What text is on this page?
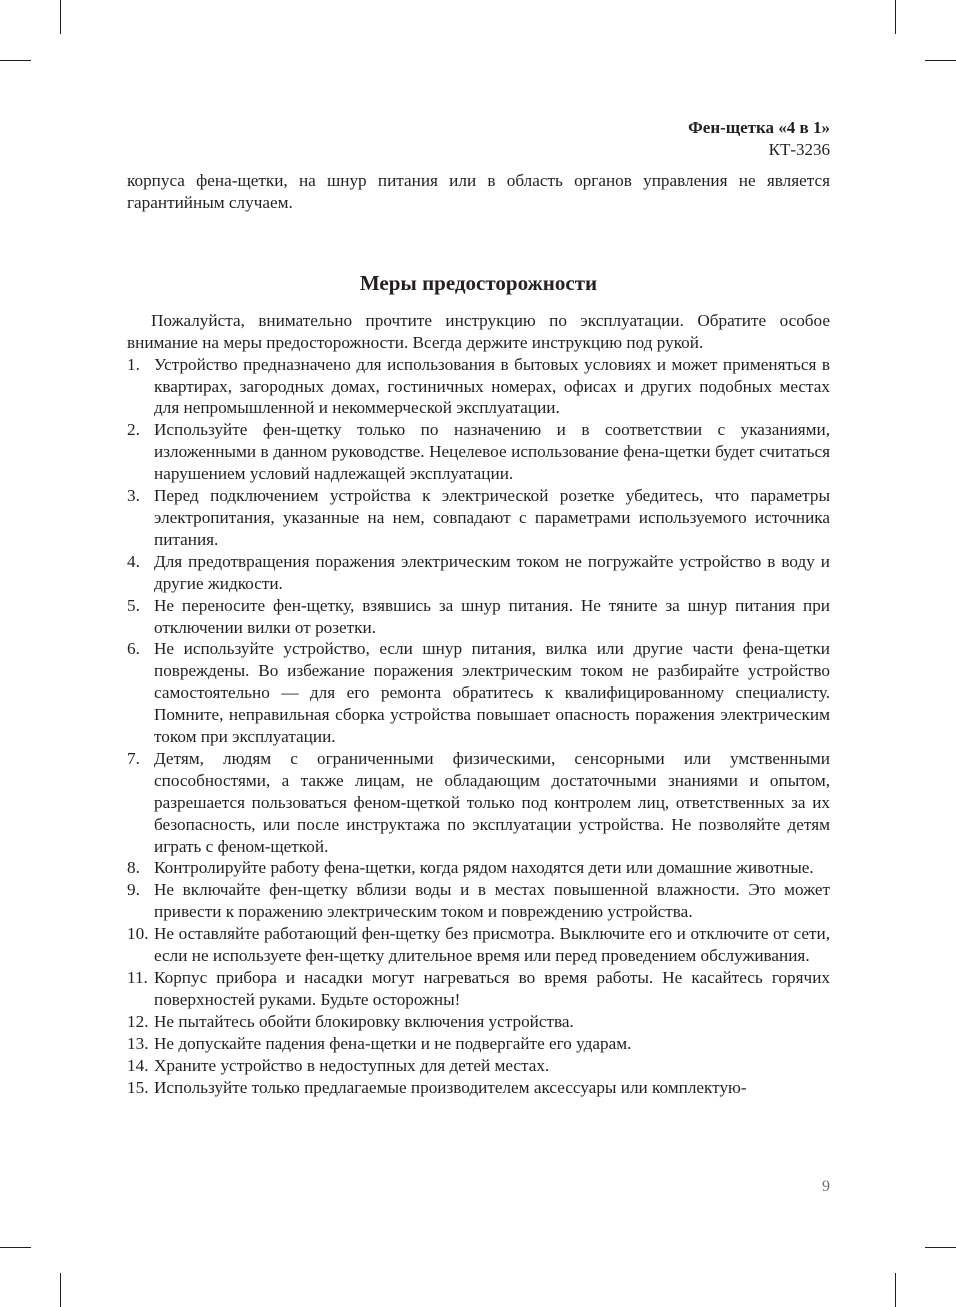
Фен-щетка «4 в 1»
КТ-3236

корпуса фена-щетки, на шнур питания или в область органов управления не является гарантийным случаем.

Меры предосторожности

Пожалуйста, внимательно прочтите инструкцию по эксплуатации. Обратите особое внимание на меры предосторожности. Всегда держите инструкцию под рукой.

1. Устройство предназначено для использования в бытовых условиях и может применяться в квартирах, загородных домах, гостиничных номерах, офисах и других подобных местах для непромышленной и некоммерческой эксплуатации.
2. Используйте фен-щетку только по назначению и в соответствии с указаниями, изложенными в данном руководстве. Нецелевое использование фена-щетки будет считаться нарушением условий надлежащей эксплуатации.
3. Перед подключением устройства к электрической розетке убедитесь, что параметры электропитания, указанные на нем, совпадают с параметрами используемого источника питания.
4. Для предотвращения поражения электрическим током не погружайте устройство в воду и другие жидкости.
5. Не переносите фен-щетку, взявшись за шнур питания. Не тяните за шнур питания при отключении вилки от розетки.
6. Не используйте устройство, если шнур питания, вилка или другие части фена-щетки повреждены. Во избежание поражения электрическим током не разбирайте устройство самостоятельно — для его ремонта обратитесь к квалифицированному специалисту. Помните, неправильная сборка устройства повышает опасность поражения электрическим током при эксплуатации.
7. Детям, людям с ограниченными физическими, сенсорными или умственными способностями, а также лицам, не обладающим достаточными знаниями и опытом, разрешается пользоваться феном-щеткой только под контролем лиц, ответственных за их безопасность, или после инструктажа по эксплуатации устройства. Не позволяйте детям играть с феном-щеткой.
8. Контролируйте работу фена-щетки, когда рядом находятся дети или домашние животные.
9. Не включайте фен-щетку вблизи воды и в местах повышенной влажности. Это может привести к поражению электрическим током и повреждению устройства.
10. Не оставляйте работающий фен-щетку без присмотра. Выключите его и отключите от сети, если не используете фен-щетку длительное время или перед проведением обслуживания.
11. Корпус прибора и насадки могут нагреваться во время работы. Не касайтесь горячих поверхностей руками. Будьте осторожны!
12. Не пытайтесь обойти блокировку включения устройства.
13. Не допускайте падения фена-щетки и не подвергайте его ударам.
14. Храните устройство в недоступных для детей местах.
15. Используйте только предлагаемые производителем аксессуары или комплектую-
9
